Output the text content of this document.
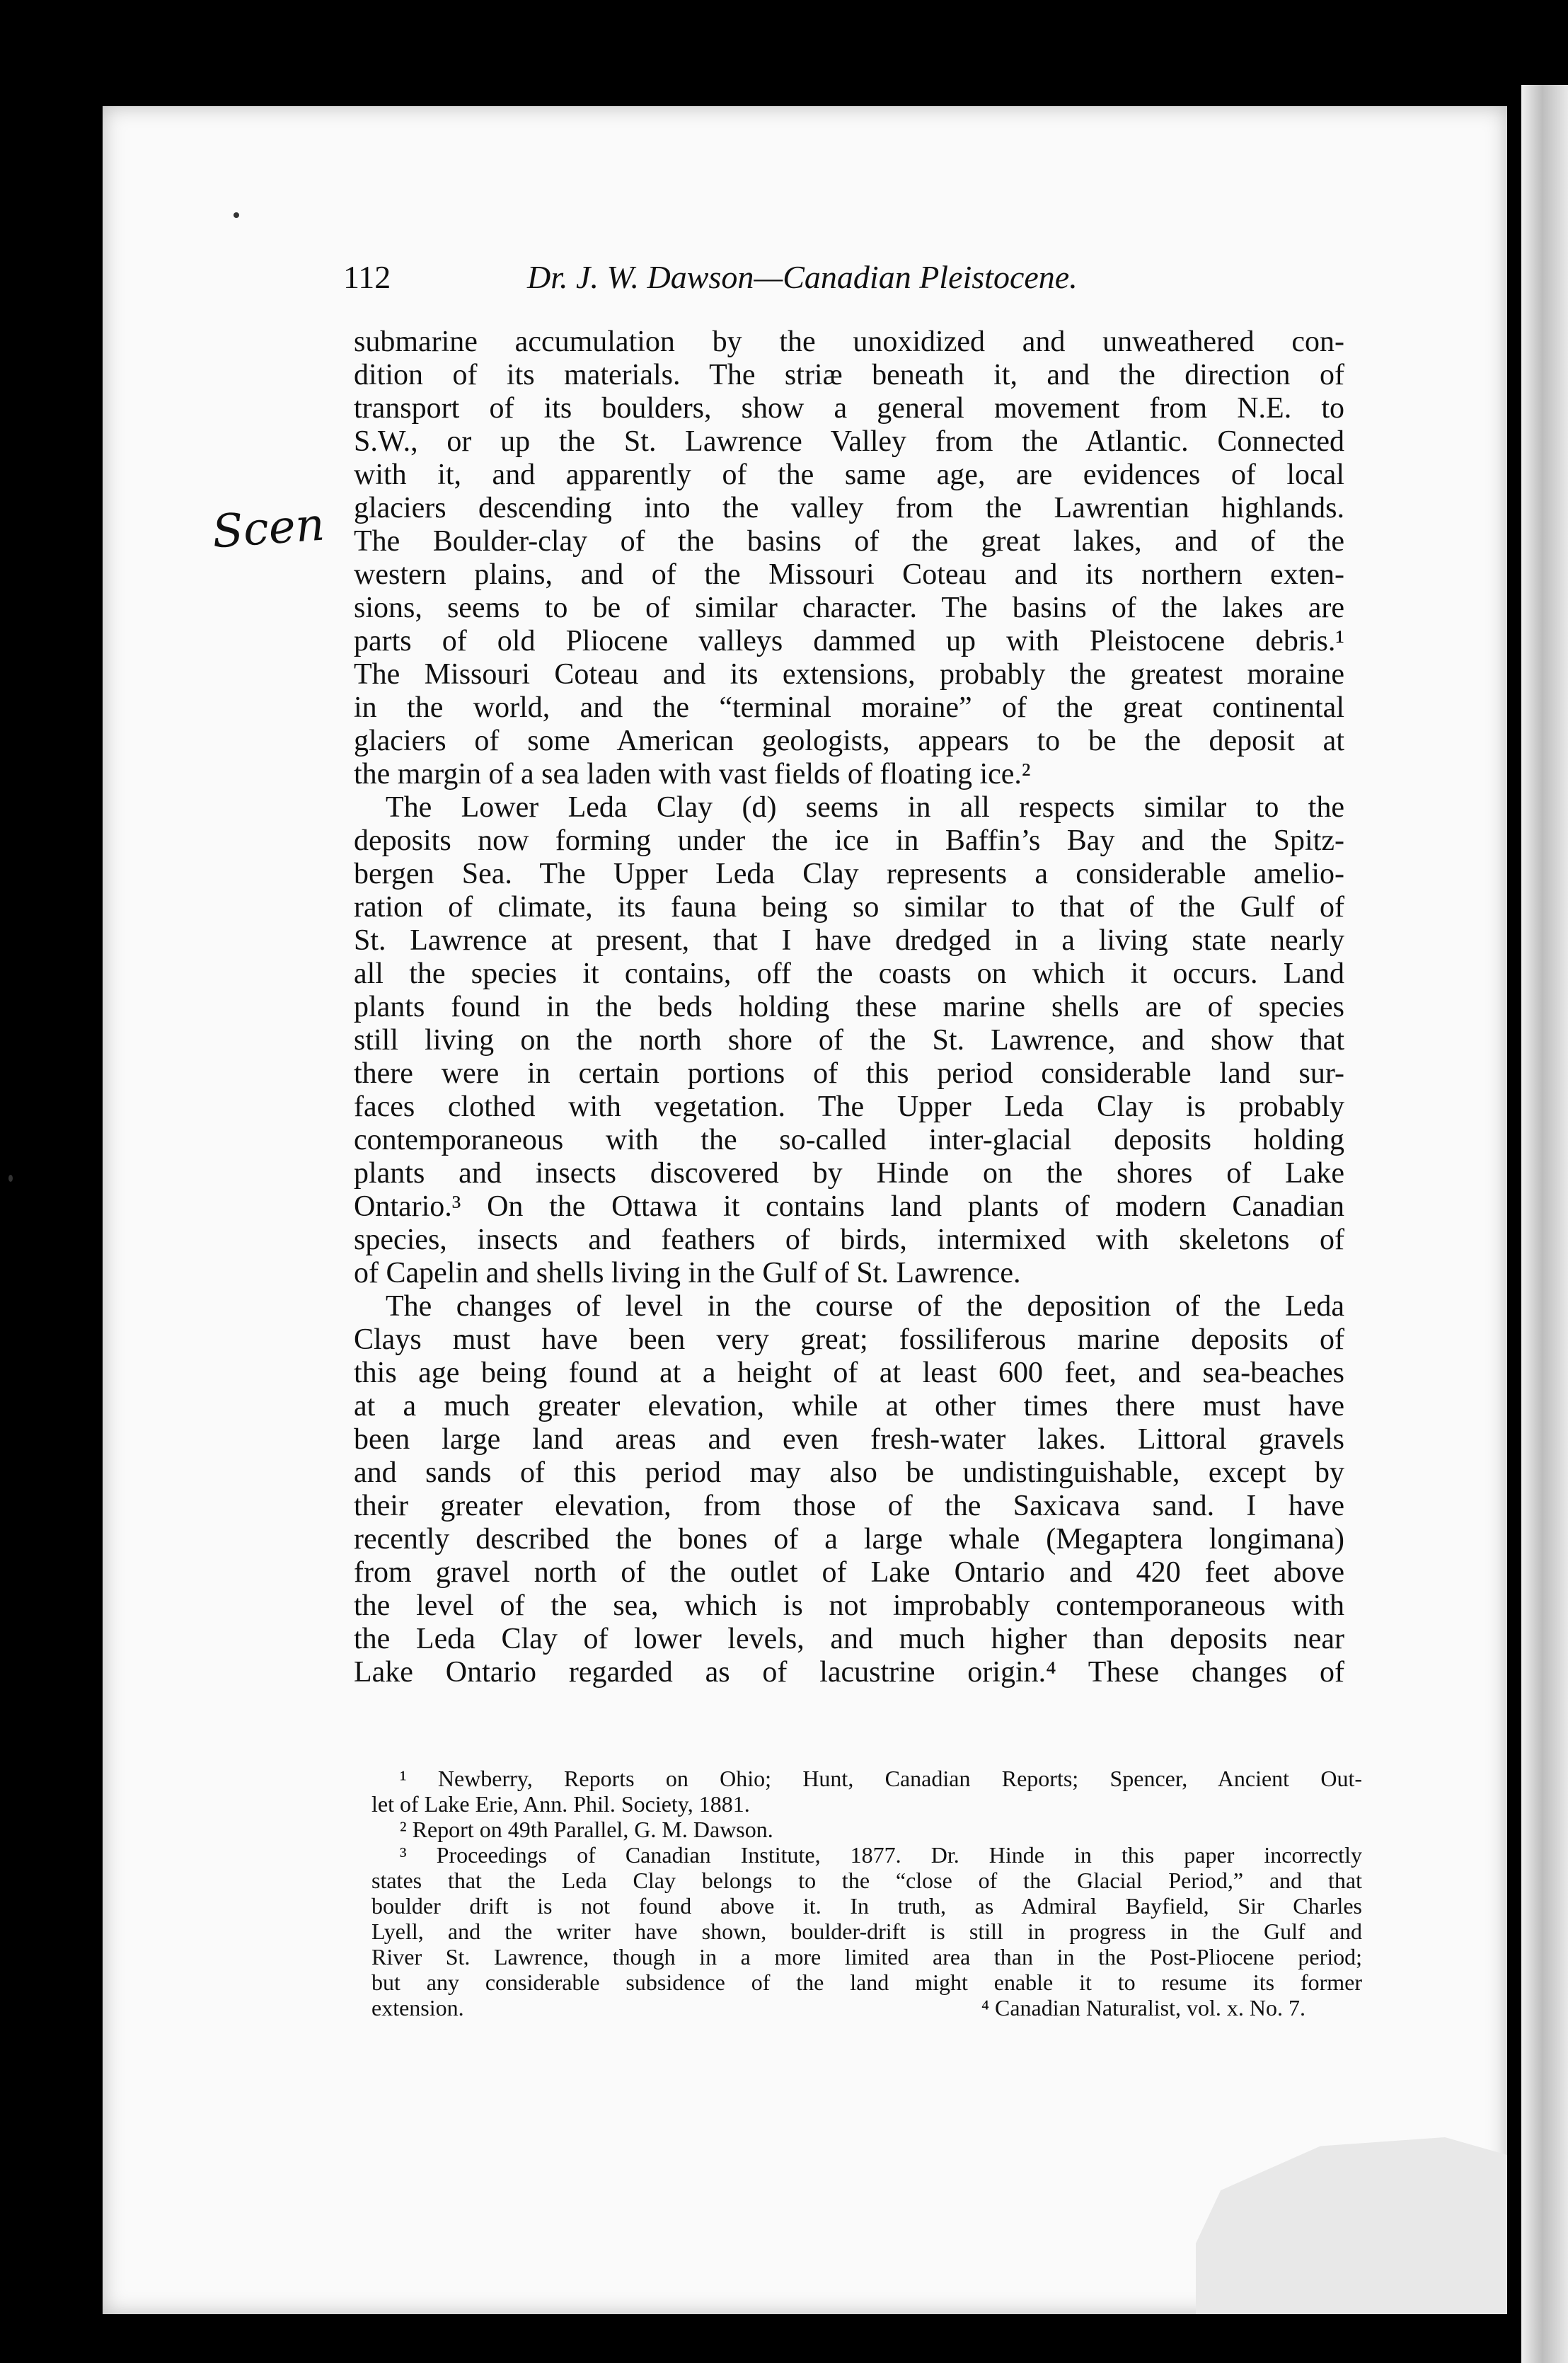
112	Dr. J. W. Dawson—Canadian Pleistocene.
Scen
submarine accumulation by the unoxidized and unweathered con-
dition of its materials. The striæ beneath it, and the direction of
transport of its boulders, show a general movement from N.E. to
S.W., or up the St. Lawrence Valley from the Atlantic. Connected
with it, and apparently of the same age, are evidences of local
glaciers descending into the valley from the Lawrentian highlands.
The Boulder-clay of the basins of the great lakes, and of the
western plains, and of the Missouri Coteau and its northern exten-
sions, seems to be of similar character. The basins of the lakes are
parts of old Pliocene valleys dammed up with Pleistocene debris.¹
The Missouri Coteau and its extensions, probably the greatest moraine
in the world, and the “terminal moraine” of the great continental
glaciers of some American geologists, appears to be the deposit at
the margin of a sea laden with vast fields of floating ice.²
The Lower Leda Clay (d) seems in all respects similar to the
deposits now forming under the ice in Baffin’s Bay and the Spitz-
bergen Sea. The Upper Leda Clay represents a considerable amelio-
ration of climate, its fauna being so similar to that of the Gulf of
St. Lawrence at present, that I have dredged in a living state nearly
all the species it contains, off the coasts on which it occurs. Land
plants found in the beds holding these marine shells are of species
still living on the north shore of the St. Lawrence, and show that
there were in certain portions of this period considerable land sur-
faces clothed with vegetation. The Upper Leda Clay is probably
contemporaneous with the so-called inter-glacial deposits holding
plants and insects discovered by Hinde on the shores of Lake
Ontario.³ On the Ottawa it contains land plants of modern Canadian
species, insects and feathers of birds, intermixed with skeletons of
of Capelin and shells living in the Gulf of St. Lawrence.
The changes of level in the course of the deposition of the Leda
Clays must have been very great; fossiliferous marine deposits of
this age being found at a height of at least 600 feet, and sea-beaches
at a much greater elevation, while at other times there must have
been large land areas and even fresh-water lakes. Littoral gravels
and sands of this period may also be undistinguishable, except by
their greater elevation, from those of the Saxicava sand. I have
recently described the bones of a large whale (Megaptera longimana)
from gravel north of the outlet of Lake Ontario and 420 feet above
the level of the sea, which is not improbably contemporaneous with
the Leda Clay of lower levels, and much higher than deposits near
Lake Ontario regarded as of lacustrine origin.⁴ These changes of
¹ Newberry, Reports on Ohio; Hunt, Canadian Reports; Spencer, Ancient Out-
let of Lake Erie, Ann. Phil. Society, 1881.
² Report on 49th Parallel, G. M. Dawson.
³ Proceedings of Canadian Institute, 1877. Dr. Hinde in this paper incorrectly
states that the Leda Clay belongs to the “close of the Glacial Period,” and that
boulder drift is not found above it. In truth, as Admiral Bayfield, Sir Charles
Lyell, and the writer have shown, boulder-drift is still in progress in the Gulf and
River St. Lawrence, though in a more limited area than in the Post-Pliocene period;
but any considerable subsidence of the land might enable it to resume its former
extension.	⁴ Canadian Naturalist, vol. x. No. 7.
